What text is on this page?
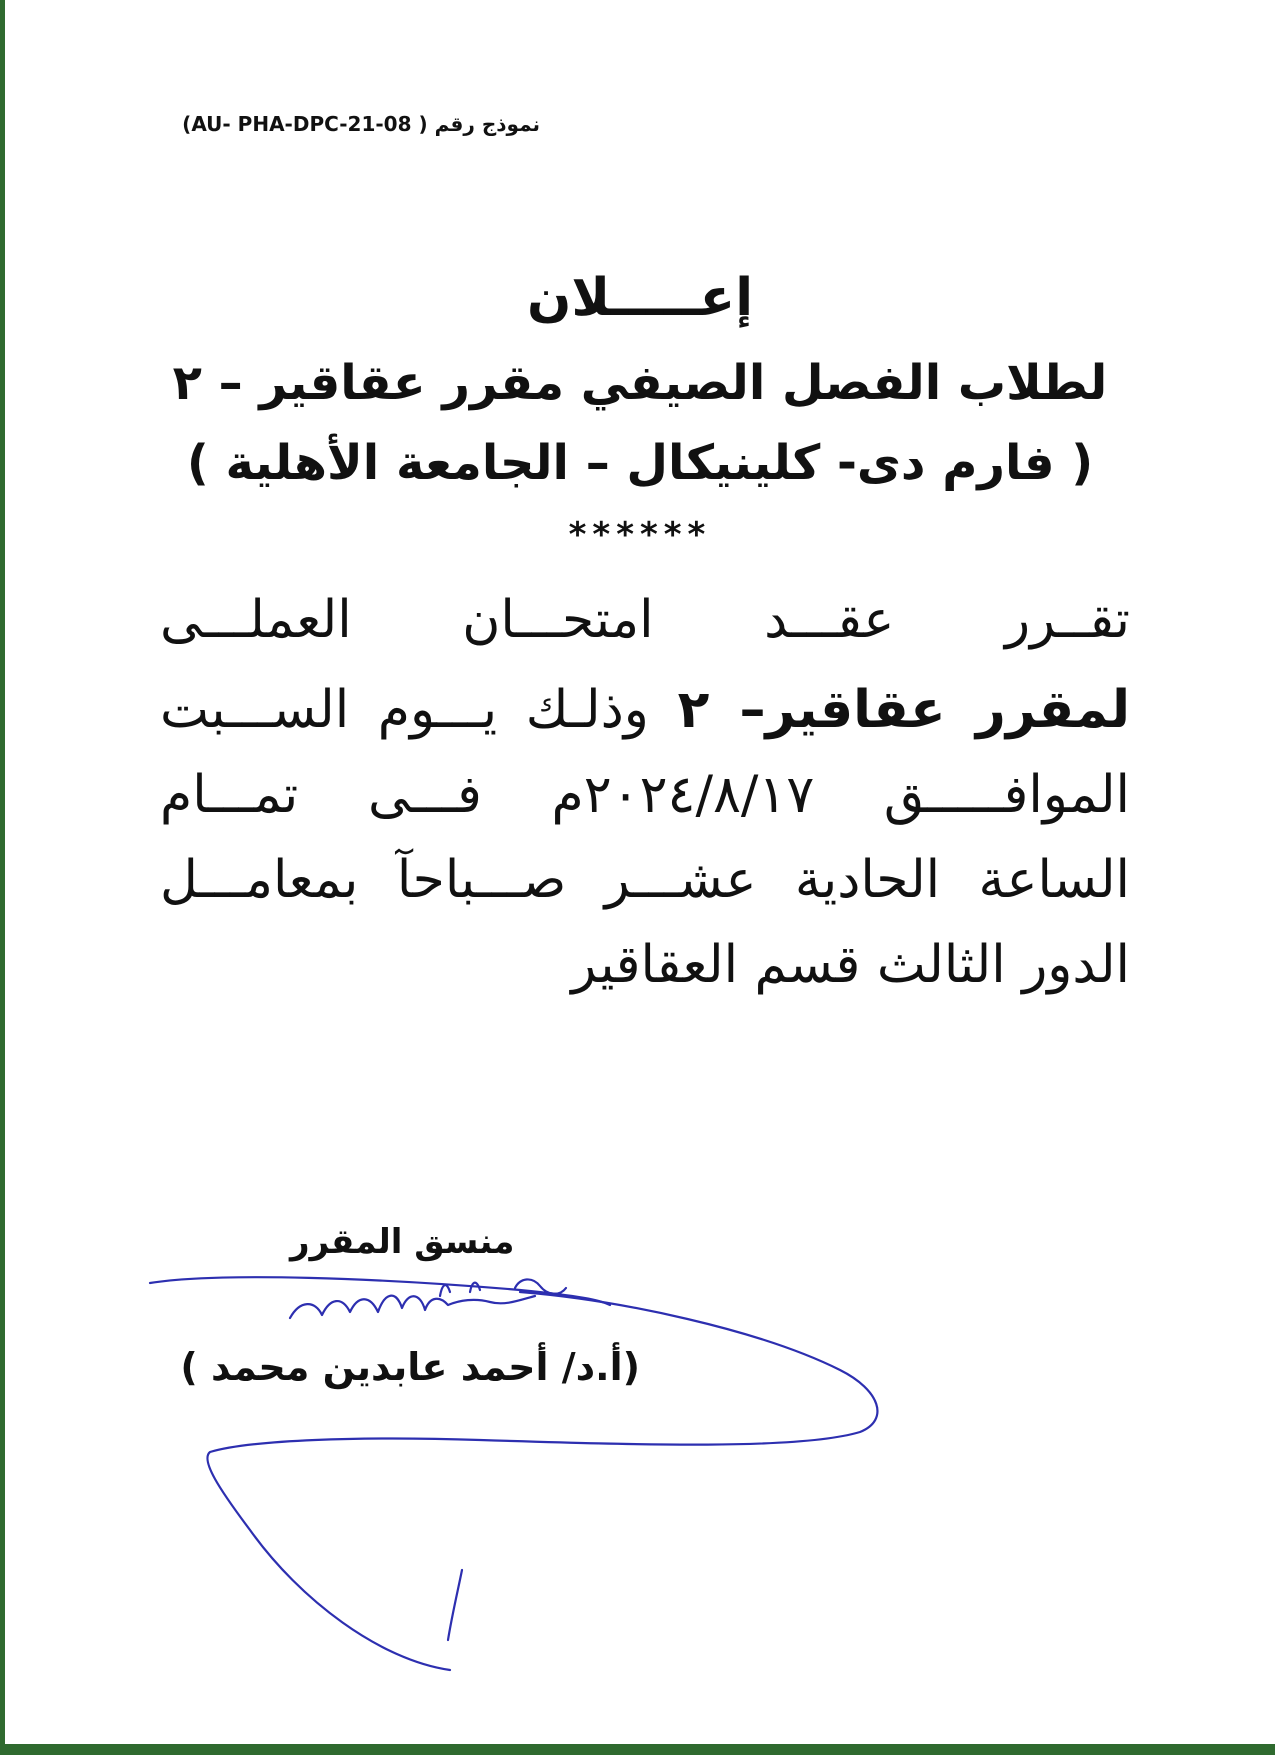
نموذج رقم ( AU- PHA-DPC-21-08)
إعـــــلان
لطلاب الفصل الصيفي مقرر عقاقير – ٢
( فارم دى- كلينيكال – الجامعة الأهلية )
******
تقــرر عقـــد امتحـــان العملـــى
لمقرر عقاقير– ٢ وذلـك يـــوم الســـبت
الموافـــــق ٢٠٢٤/٨/١٧م فـــى تمـــام
الساعة الحادية عشـــر صـــباحآ بمعامـــل
الدور الثالث قسم العقاقير
منسق المقرر
(أ.د/ أحمد عابدين محمد )
